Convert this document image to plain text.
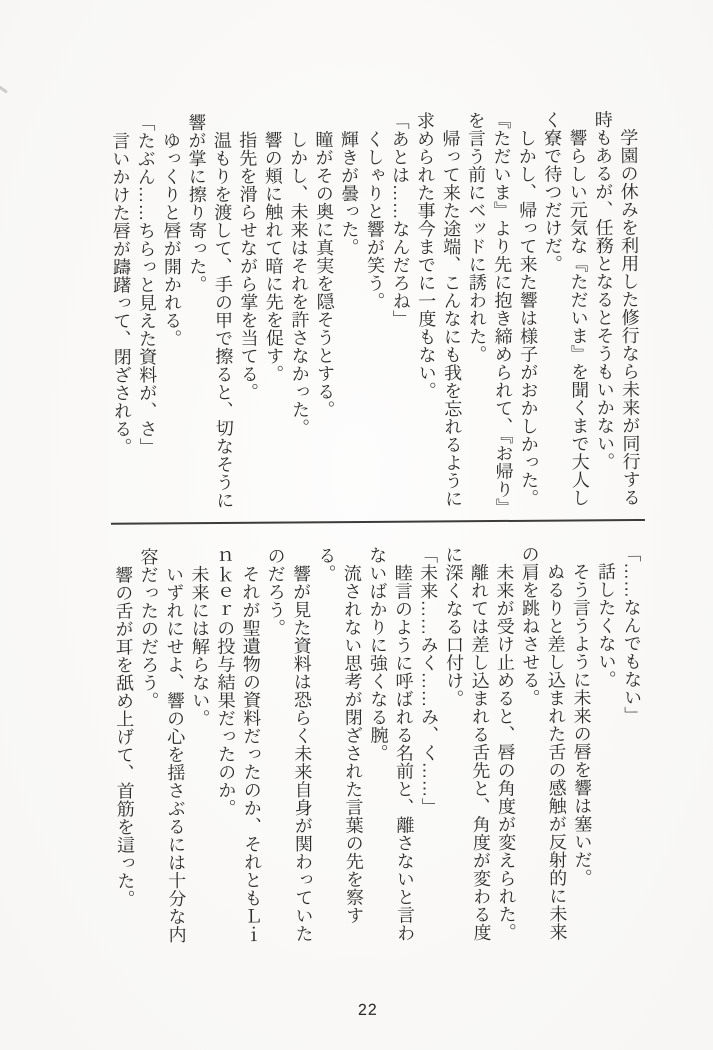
　学園の休みを利用した修行なら未来が同行する時もあるが、任務となるとそうもいかない。

　響らしい元気な『ただいま』を聞くまで大人しく寮で待つだけだ。

　しかし、帰って来た響は様子がおかしかった。

『ただいま』より先に抱き締められて、『お帰り』を言う前にベッドに誘われた。

　帰って来た途端、こんなにも我を忘れるように求められた事今までに一度もない。

「あとは……なんだろね」

　くしゃりと響が笑う。

　輝きが曇った。

　瞳がその奥に真実を隠そうとする。

　しかし、未来はそれを許さなかった。

　響の頬に触れて暗に先を促す。

　指先を滑らせながら掌を当てる。

　温もりを渡して、手の甲で擦ると、切なそうに響が掌に擦り寄った。

　ゆっくりと唇が開かれる。

「たぶん……ちらっと見えた資料が、さ」

　言いかけた唇が躊躇って、閉ざされる。

「……なんでもない」

　話したくない。

　そう言うように未来の唇を響は塞いだ。

　ぬるりと差し込まれた舌の感触が反射的に未来の肩を跳ねさせる。

　未来が受け止めると、唇の角度が変えられた。

　離れては差し込まれる舌先と、角度が変わる度に深くなる口付け。

「未来……みく……み、く……」

　睦言のように呼ばれる名前と、離さないと言わないばかりに強くなる腕。

　流されない思考が閉ざされた言葉の先を察する。

　響が見た資料は恐らく未来自身が関わっていたのだろう。

　それが聖遺物の資料だったのか、それともＬｉｎｋｅｒの投与結果だったのか。

　未来には解らない。

　いずれにせよ、響の心を揺さぶるには十分な内容だったのだろう。

　響の舌が耳を舐め上げて、首筋を這った。

22
